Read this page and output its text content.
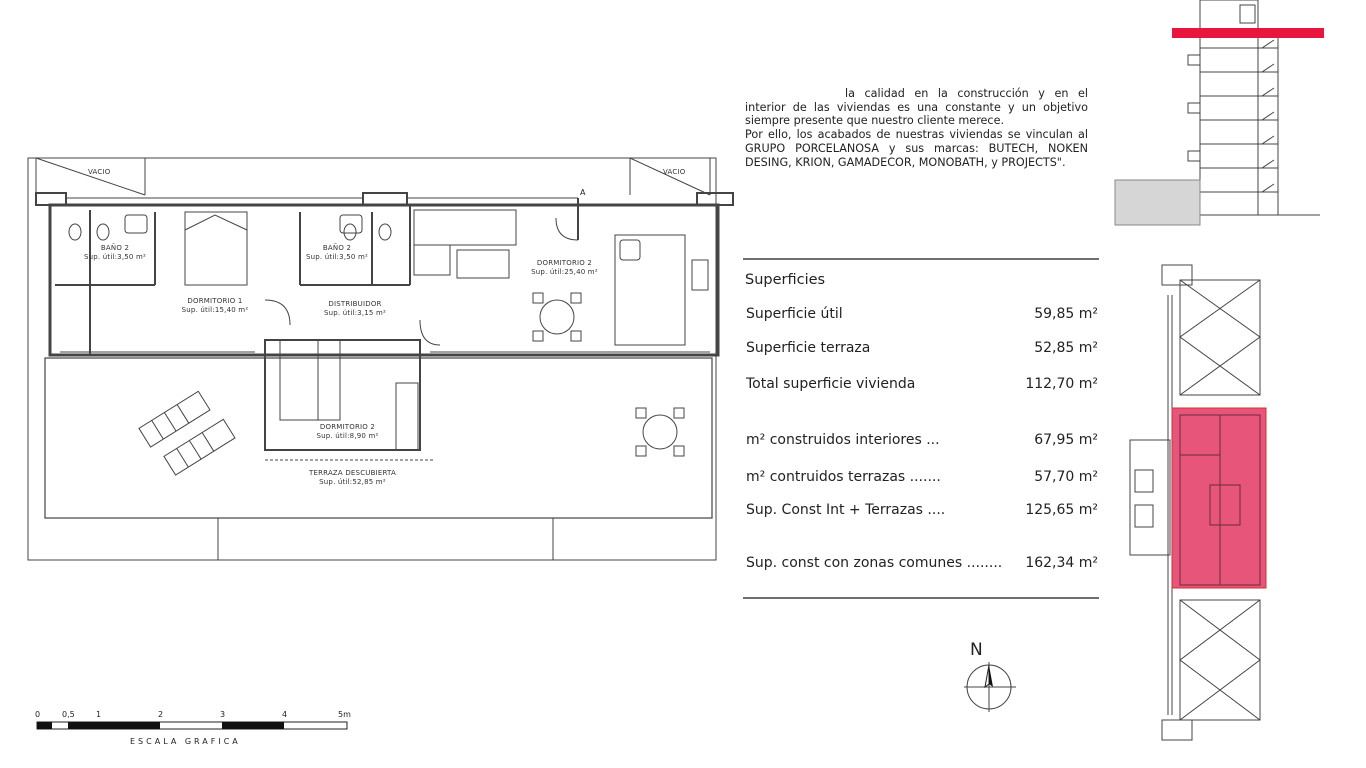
VACIO	VACIO
A
BAÑO 2
Sup. útil:3,50 m²
DORMITORIO 1
Sup. útil:15,40 m²
BAÑO 2
Sup. útil:3,50 m²
DISTRIBUIDOR
Sup. útil:3,15 m²
DORMITORIO 2
Sup. útil:25,40 m²
DORMITORIO 2
Sup. útil:8,90 m²
TERRAZA DESCUBIERTA
Sup. útil:52,85 m²
0	0,5	1	2	3	4	5m
ESCALA GRAFICA

la calidad en la construcción y en el interior de las viviendas es una constante y un objetivo siempre presente que nuestro cliente merece.

Por ello, los acabados de nuestras viviendas se vinculan al GRUPO PORCELANOSA y sus marcas: BUTECH, NOKEN DESING, KRION, GAMADECOR, MONOBATH, y PROJECTS".

Superficies
Superficie útil	59,85 m²
Superficie terraza	52,85 m²
Total superficie vivienda	112,70 m²
m² construidos interiores ...	67,95 m²
m² contruidos terrazas .......	57,70 m²
Sup. Const Int + Terrazas ....	125,65 m²
Sup. const con zonas comunes ........ 162,34 m²
N
